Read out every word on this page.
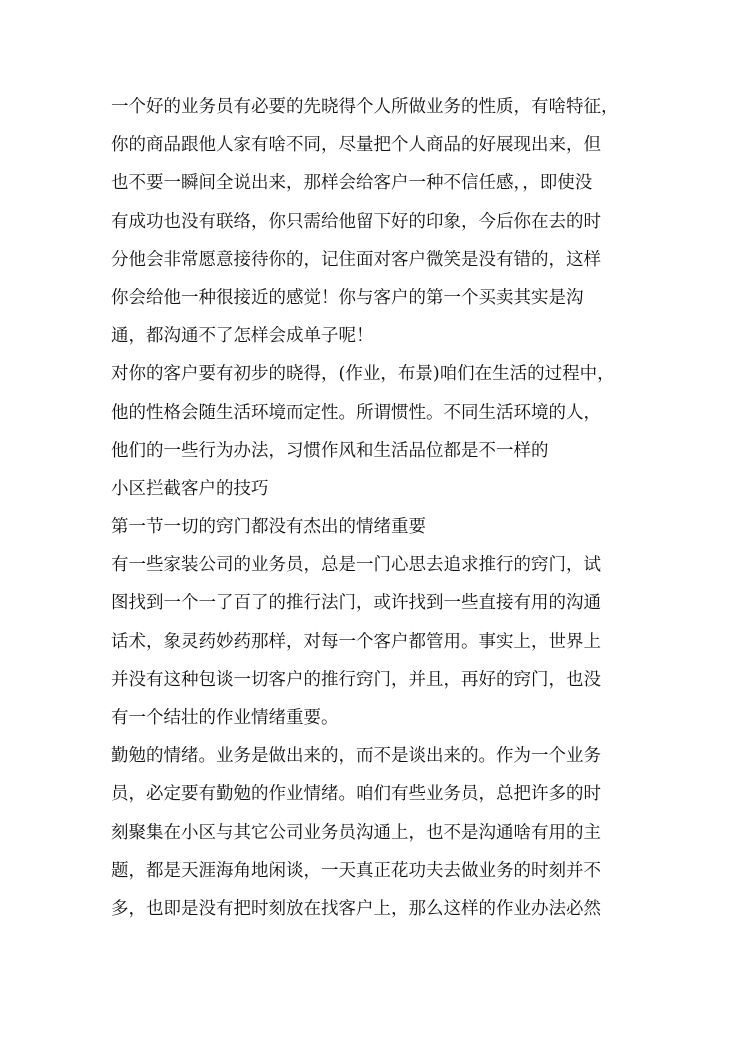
一个好的业务员有必要的先晓得个人所做业务的性质，有啥特征，
你的商品跟他人家有啥不同，尽量把个人商品的好展现出来，但
也不要一瞬间全说出来，那样会给客户一种不信任感，，即使没
有成功也没有联络，你只需给他留下好的印象，今后你在去的时
分他会非常愿意接待你的，记住面对客户微笑是没有错的，这样
你会给他一种很接近的感觉！你与客户的第一个买卖其实是沟
通，都沟通不了怎样会成单子呢！
对你的客户要有初步的晓得，(作业，布景)咱们在生活的过程中，
他的性格会随生活环境而定性。所谓惯性。不同生活环境的人，
他们的一些行为办法，习惯作风和生活品位都是不一样的
小区拦截客户的技巧
第一节一切的窍门都没有杰出的情绪重要
有一些家装公司的业务员，总是一门心思去追求推行的窍门，试
图找到一个一了百了的推行法门，或许找到一些直接有用的沟通
话术，象灵药妙药那样，对每一个客户都管用。事实上，世界上
并没有这种包谈一切客户的推行窍门，并且，再好的窍门，也没
有一个结壮的作业情绪重要。
勤勉的情绪。业务是做出来的，而不是谈出来的。作为一个业务
员，必定要有勤勉的作业情绪。咱们有些业务员，总把许多的时
刻聚集在小区与其它公司业务员沟通上，也不是沟通啥有用的主
题，都是天涯海角地闲谈，一天真正花功夫去做业务的时刻并不
多，也即是没有把时刻放在找客户上，那么这样的作业办法必然
